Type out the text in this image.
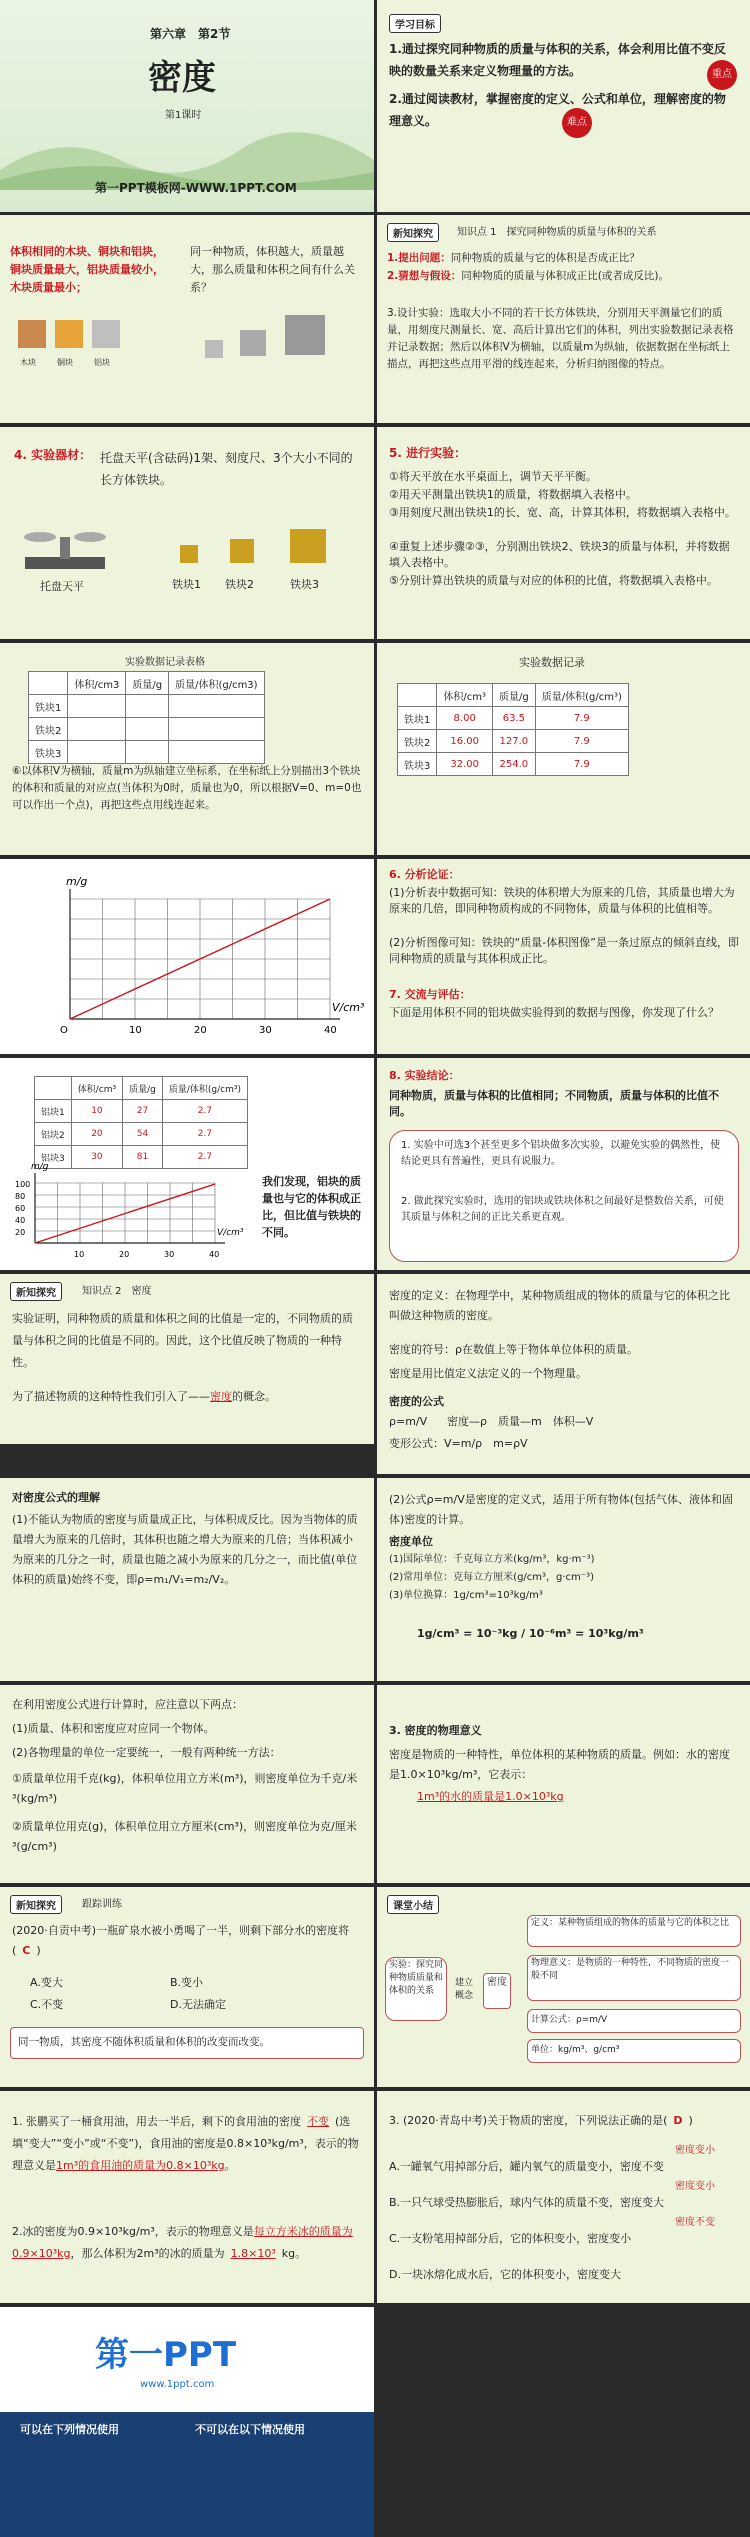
第六章　第2节
密度
第1课时
第一PPT模板网-WWW.1PPT.COM
学习目标
1.通过探究同种物质的质量与体积的关系，体会利用比值不变反映的数量关系来定义物理量的方法。
2.通过阅读教材，掌握密度的定义、公式和单位，理解密度的物理意义。
重点
难点
体积相同的木块、铜块和铝块，铜块质量最大，铝块质量较小，木块质量最小；
同一种物质，体积越大，质量越大，那么质量和体积之间有什么关系？
木块	铜块	铝块
新知探究	知识点 1　探究同种物质的质量与体积的关系
1.提出问题：同种物质的质量与它的体积是否成正比？
2.猜想与假设：同种物质的质量与体积成正比(或者成反比)。
3.设计实验：选取大小不同的若干长方体铁块，分别用天平测量它们的质量，用刻度尺测量长、宽、高后计算出它们的体积，列出实验数据记录表格并记录数据；然后以体积V为横轴，以质量m为纵轴，依据数据在坐标纸上描点，再把这些点用平滑的线连起来，分析归纳图像的特点。
4. 实验器材： 托盘天平(含砝码)1架、刻度尺、3个大小不同的长方体铁块。
托盘天平	铁块1 铁块2	铁块3
5. 进行实验：
①将天平放在水平桌面上，调节天平平衡。
②用天平测量出铁块1的质量，将数据填入表格中。
③用刻度尺测出铁块1的长、宽、高，计算其体积，将数据填入表格中。
④重复上述步骤②③，分别测出铁块2、铁块3的质量与体积，并将数据填入表格中。
⑤分别计算出铁块的质量与对应的体积的比值，将数据填入表格中。
实验数据记录表格
	体积/cm3	质量/g	质量/体积(g/cm3)
铁块1			
铁块2			
铁块3			
⑥以体积V为横轴，质量m为纵轴建立坐标系，在坐标纸上分别描出3个铁块的体积和质量的对应点(当体积为0时，质量也为0，所以根据V=0、m=0也可以作出一个点)，再把这些点用线连起来。
实验数据记录
	体积/cm³	质量/g	质量/体积(g/cm³)
铁块1	8.00	63.5	7.9
铁块2	16.00	127.0	7.9
铁块3	32.00	254.0	7.9
10	20	30	40
m/g
V/cm³
O
6. 分析论证：
(1)分析表中数据可知：铁块的体积增大为原来的几倍，其质量也增大为原来的几倍，即同种物质构成的不同物体，质量与体积的比值相等。
(2)分析图像可知：铁块的“质量-体积图像”是一条过原点的倾斜直线，即同种物质的质量与其体积成正比。
7. 交流与评估：
下面是用体积不同的铝块做实验得到的数据与图像，你发现了什么？
	体积/cm³	质量/g	质量/体积(g/cm³)
铝块1	10	27	2.7
铝块2	20	54	2.7
铝块3	30	81	2.7
10	20	30	40
100
80
60
40
20
m/g
V/cm³
我们发现，铝块的质量也与它的体积成正比，但比值与铁块的不同。
8. 实验结论：
同种物质，质量与体积的比值相同；不同物质，质量与体积的比值不同。
1. 实验中可选3个甚至更多个铝块做多次实验，以避免实验的偶然性，使结论更具有普遍性，更具有说服力。
2. 做此探究实验时，选用的铝块或铁块体积之间最好是整数倍关系，可使其质量与体积之间的正比关系更直观。
新知探究	知识点 2　密度
实验证明，同种物质的质量和体积之间的比值是一定的，不同物质的质量与体积之间的比值是不同的。因此，这个比值反映了物质的一种特性。
为了描述物质的这种特性我们引入了——密度的概念。
密度的定义：在物理学中，某种物质组成的物体的质量与它的体积之比叫做这种物质的密度。
密度的符号：ρ在数值上等于物体单位体积的质量。
密度是用比值定义法定义的一个物理量。
密度的公式
ρ=m/V 密度—ρ　质量—m　体积—V
变形公式：V=m/ρ　m=ρV
对密度公式的理解
(1)不能认为物质的密度与质量成正比，与体积成反比。因为当物体的质量增大为原来的几倍时，其体积也随之增大为原来的几倍；当体积减小为原来的几分之一时，质量也随之减小为原来的几分之一，而比值(单位体积的质量)始终不变，即ρ=m₁/V₁=m₂/V₂。
(2)公式ρ=m/V是密度的定义式，适用于所有物体(包括气体、液体和固体)密度的计算。
密度单位
(1)国际单位：千克每立方米(kg/m³，kg·m⁻³)
(2)常用单位：克每立方厘米(g/cm³，g·cm⁻³)
(3)单位换算：1g/cm³=10³kg/m³
1g/cm³ = 10⁻³kg / 10⁻⁶m³ = 10³kg/m³
在利用密度公式进行计算时，应注意以下两点：
(1)质量、体积和密度应对应同一个物体。
(2)各物理量的单位一定要统一，一般有两种统一方法：
①质量单位用千克(kg)，体积单位用立方米(m³)，则密度单位为千克/米³(kg/m³)
②质量单位用克(g)，体积单位用立方厘米(cm³)，则密度单位为克/厘米³(g/cm³)
3. 密度的物理意义
密度是物质的一种特性，单位体积的某种物质的质量。例如：水的密度是1.0×10³kg/m³，它表示：
1m³的水的质量是1.0×10³kg
新知探究	跟踪训练
(2020·自贡中考)一瓶矿泉水被小勇喝了一半，则剩下部分水的密度将( C )
A.变大	B.变小
C.不变	D.无法确定
同一物质，其密度不随体积质量和体积的改变而改变。
课堂小结
实验：探究同种物质质量和体积的关系
建立概念
密度
定义：某种物质组成的物体的质量与它的体积之比
物理意义：是物质的一种特性，不同物质的密度一般不同
计算公式：ρ=m/V
单位：kg/m³、g/cm³
1. 张鹏买了一桶食用油，用去一半后，剩下的食用油的密度 不变 (选填“变大”“变小”或“不变”)，食用油的密度是0.8×10³kg/m³，表示的物理意义是1m³的食用油的质量为0.8×10³kg。
2.冰的密度为0.9×10³kg/m³，表示的物理意义是每立方米冰的质量为0.9×10³kg，那么体积为2m³的冰的质量为 1.8×10³ kg。
3. (2020·青岛中考)关于物质的密度，下列说法正确的是( D )
A.一罐氧气用掉部分后，罐内氧气的质量变小，密度不变
B.一只气球受热膨胀后，球内气体的质量不变，密度变大
C.一支粉笔用掉部分后，它的体积变小，密度变小
D.一块冰熔化成水后，它的体积变小，密度变大
密度变小
密度变小
密度不变
第一PPT
www.1ppt.com
可以在下列情况使用	不可以在以下情况使用
